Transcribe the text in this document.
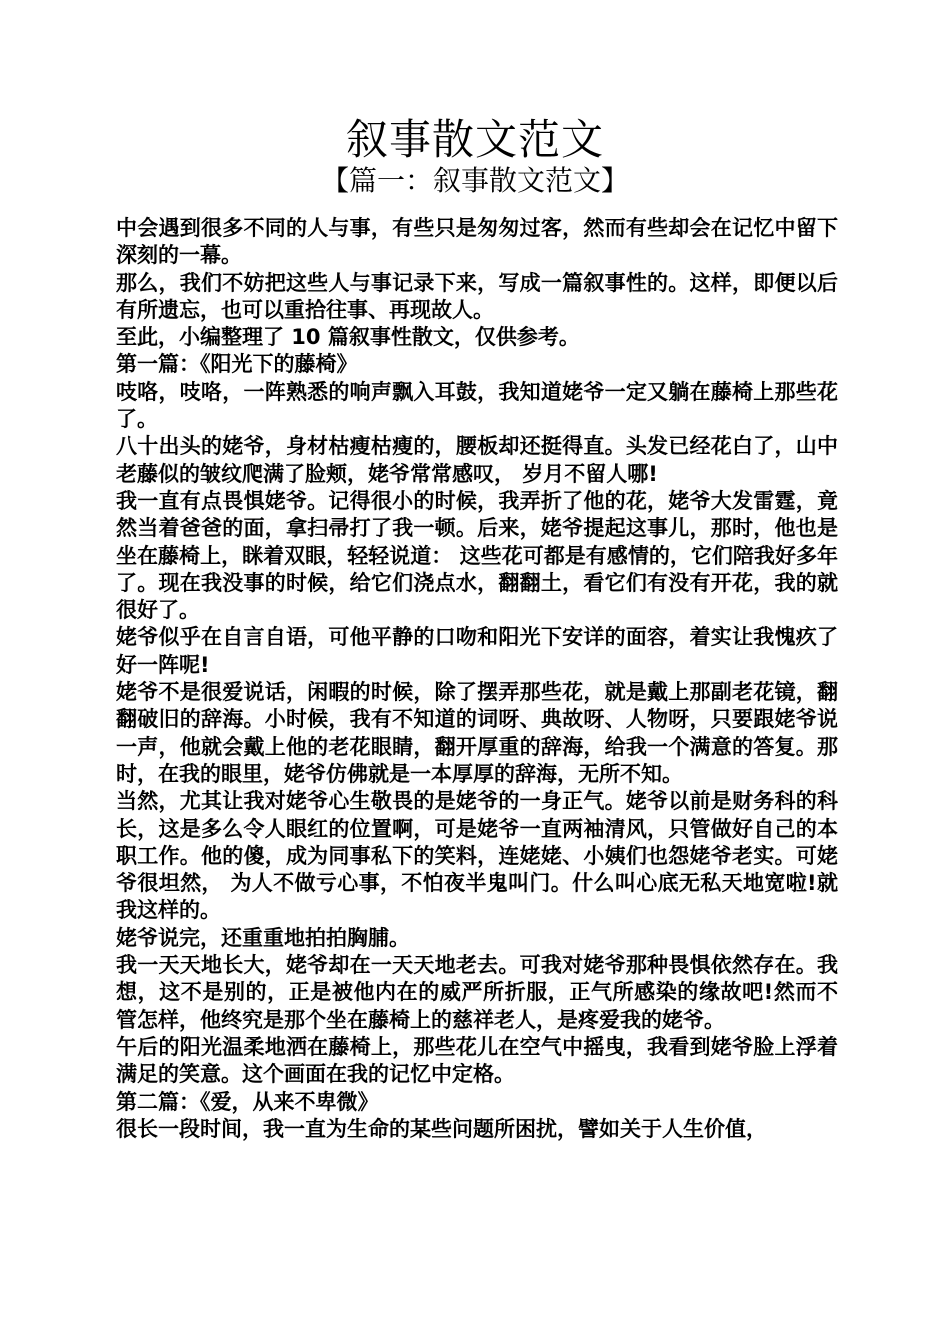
叙事散文范文
【篇一：叙事散文范文】

中会遇到很多不同的人与事，有些只是匆匆过客，然而有些却会在记忆中留下深刻的一幕。

那么，我们不妨把这些人与事记录下来，写成一篇叙事性的。这样，即便以后有所遗忘，也可以重拾往事、再现故人。

至此，小编整理了 10 篇叙事性散文，仅供参考。

第一篇：《阳光下的藤椅》

吱咯，吱咯，一阵熟悉的响声飘入耳鼓，我知道姥爷一定又躺在藤椅上那些花了。

八十出头的姥爷，身材枯瘦枯瘦的，腰板却还挺得直。头发已经花白了，山中老藤似的皱纹爬满了脸颊，姥爷常常感叹， 岁月不留人哪!

我一直有点畏惧姥爷。记得很小的时候，我弄折了他的花，姥爷大发雷霆，竟然当着爸爸的面，拿扫帚打了我一顿。后来，姥爷提起这事儿，那时，他也是坐在藤椅上，眯着双眼，轻轻说道： 这些花可都是有感情的，它们陪我好多年了。现在我没事的时候，给它们浇点水，翻翻土，看它们有没有开花，我的就很好了。

姥爷似乎在自言自语，可他平静的口吻和阳光下安详的面容，着实让我愧疚了好一阵呢!

姥爷不是很爱说话，闲暇的时候，除了摆弄那些花，就是戴上那副老花镜，翻翻破旧的辞海。小时候，我有不知道的词呀、典故呀、人物呀，只要跟姥爷说一声，他就会戴上他的老花眼睛，翻开厚重的辞海，给我一个满意的答复。那时，在我的眼里，姥爷仿佛就是一本厚厚的辞海，无所不知。

当然，尤其让我对姥爷心生敬畏的是姥爷的一身正气。姥爷以前是财务科的科长，这是多么令人眼红的位置啊，可是姥爷一直两袖清风，只管做好自己的本职工作。他的傻，成为同事私下的笑料，连姥姥、小姨们也怨姥爷老实。可姥爷很坦然， 为人不做亏心事，不怕夜半鬼叫门。什么叫心底无私天地宽啦!就我这样的。

姥爷说完，还重重地拍拍胸脯。

我一天天地长大，姥爷却在一天天地老去。可我对姥爷那种畏惧依然存在。我想，这不是别的，正是被他内在的威严所折服，正气所感染的缘故吧!然而不管怎样，他终究是那个坐在藤椅上的慈祥老人，是疼爱我的姥爷。

午后的阳光温柔地洒在藤椅上，那些花儿在空气中摇曳，我看到姥爷脸上浮着满足的笑意。这个画面在我的记忆中定格。

第二篇：《爱，从来不卑微》

很长一段时间，我一直为生命的某些问题所困扰，譬如关于人生价值，
